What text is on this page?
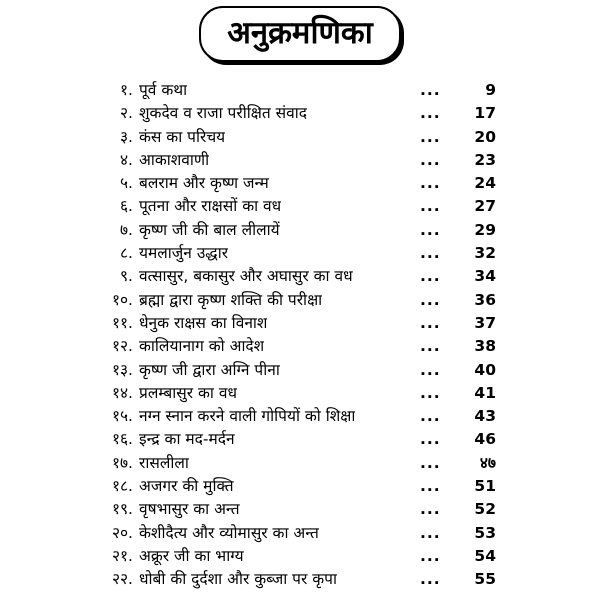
अनुक्रमणिका
१. पूर्व कथा	...	9
२. शुकदेव व राजा परीक्षित संवाद	... 17
३. कंस का परिचय	... 20
४. आकाशवाणी	... 23
५. बलराम और कृष्ण जन्म	... 24
६. पूतना और राक्षसों का वध	... 27
७. कृष्ण जी की बाल लीलायें	... 29
८. यमलार्जुन उद्धार	... 32
९. वत्सासुर, बकासुर और अघासुर का वध	... 34
१०. ब्रह्मा द्वारा कृष्ण शक्ति की परीक्षा	... 36
११. धेनुक राक्षस का विनाश	... 37
१२. कालियानाग को आदेश	... 38
१३. कृष्ण जी द्वारा अग्नि पीना	... 40
१४. प्रलम्बासुर का वध	... 41
१५. नग्न स्नान करने वाली गोपियों को शिक्षा	... 43
१६. इन्द्र का मद-मर्दन	... 46
१७. रासलीला	...	४७
१८. अजगर की मुक्ति	... 51
१९. वृषभासुर का अन्त	... 52
२०. केशीदैत्य और व्योमासुर का अन्त	... 53
२१. अक्रूर जी का भाग्य	... 54
२२. धोबी की दुर्दशा और कुब्जा पर कृपा	... 55
